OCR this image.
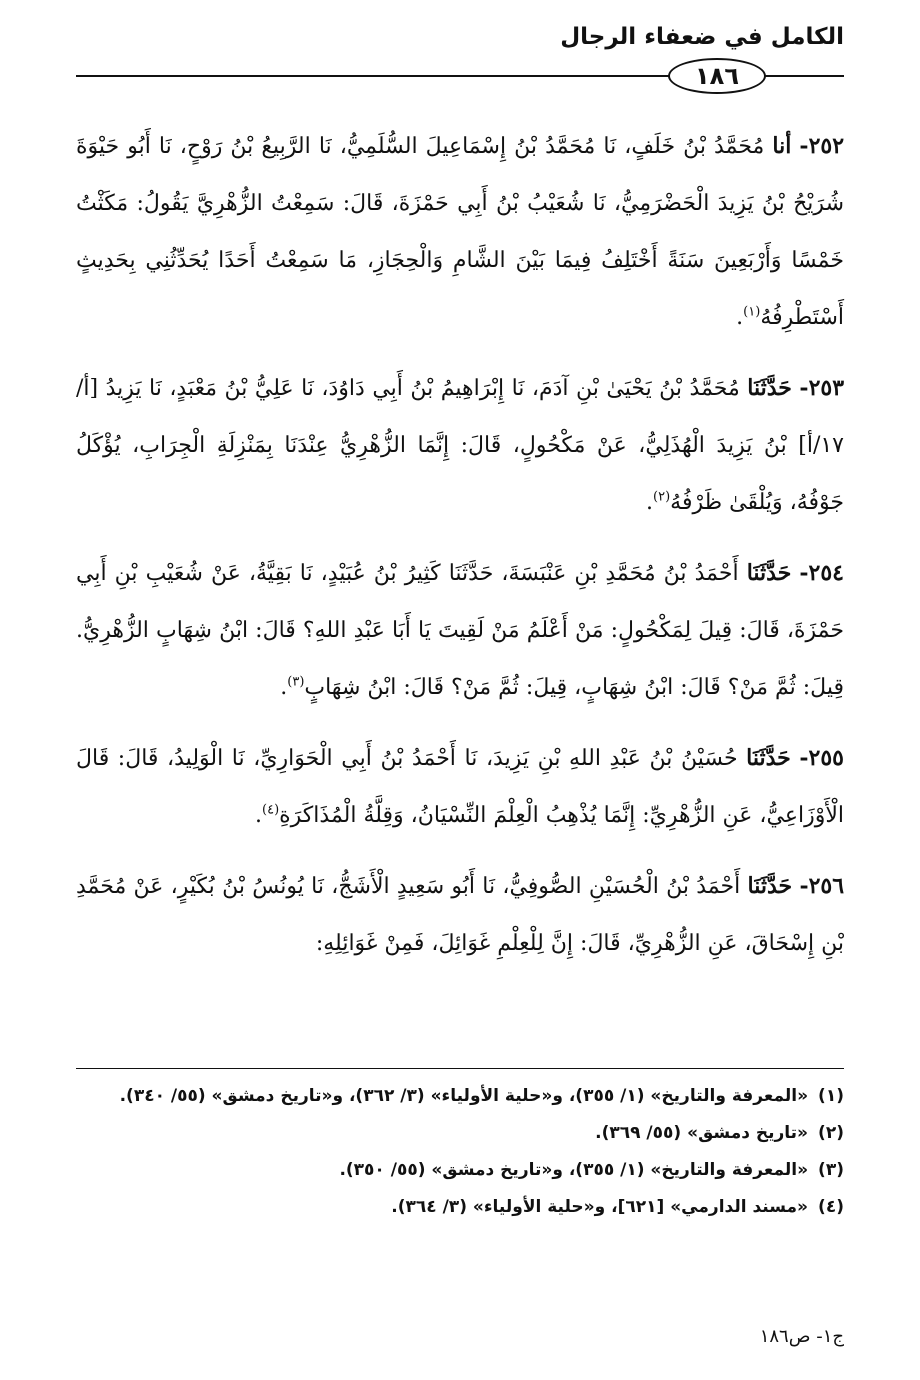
الكامل في ضعفاء الرجال
١٨٦

٢٥٢- أنا مُحَمَّدُ بْنُ خَلَفٍ، نَا مُحَمَّدُ بْنُ إِسْمَاعِيلَ السُّلَمِيُّ، نَا الرَّبِيعُ بْنُ رَوْحٍ، نَا أَبُو حَيْوَةَ شُرَيْحُ بْنُ يَزِيدَ الْحَضْرَمِيُّ، نَا شُعَيْبُ بْنُ أَبِي حَمْزَةَ، قَالَ: سَمِعْتُ الزُّهْرِيَّ يَقُولُ: مَكَثْتُ خَمْسًا وَأَرْبَعِينَ سَنَةً أَخْتَلِفُ فِيمَا بَيْنَ الشَّامِ وَالْحِجَازِ، مَا سَمِعْتُ أَحَدًا يُحَدِّثُنِي بِحَدِيثٍ أَسْتَطْرِفُهُ$^{(١)}$.

٢٥٣- حَدَّثَنَا مُحَمَّدُ بْنُ يَحْيَىٰ بْنِ آدَمَ، نَا إِبْرَاهِيمُ بْنُ أَبِي دَاوُدَ، نَا عَلِيُّ بْنُ مَعْبَدٍ، نَا يَزِيدُ [أ/١٧/أ] بْنُ يَزِيدَ الْهُذَلِيُّ، عَنْ مَكْحُولٍ، قَالَ: إِنَّمَا الزُّهْرِيُّ عِنْدَنَا بِمَنْزِلَةِ الْجِرَابِ، يُؤْكَلُ جَوْفُهُ، وَيُلْقَىٰ ظَرْفُهُ$^{(٢)}$.

٢٥٤- حَدَّثَنَا أَحْمَدُ بْنُ مُحَمَّدِ بْنِ عَنْبَسَةَ، حَدَّثَنَا كَثِيرُ بْنُ عُبَيْدٍ، نَا بَقِيَّةُ، عَنْ شُعَيْبِ بْنِ أَبِي حَمْزَةَ، قَالَ: قِيلَ لِمَكْحُولٍ: مَنْ أَعْلَمُ مَنْ لَقِيتَ يَا أَبَا عَبْدِ اللهِ؟ قَالَ: ابْنُ شِهَابٍ الزُّهْرِيُّ. قِيلَ: ثُمَّ مَنْ؟ قَالَ: ابْنُ شِهَابٍ، قِيلَ: ثُمَّ مَنْ؟ قَالَ: ابْنُ شِهَابٍ$^{(٣)}$.

٢٥٥- حَدَّثَنَا حُسَيْنُ بْنُ عَبْدِ اللهِ بْنِ يَزِيدَ، نَا أَحْمَدُ بْنُ أَبِي الْحَوَارِيِّ، نَا الْوَلِيدُ، قَالَ: قَالَ الْأَوْزَاعِيُّ، عَنِ الزُّهْرِيِّ: إِنَّمَا يُذْهِبُ الْعِلْمَ النِّسْيَانُ، وَقِلَّةُ الْمُذَاكَرَةِ$^{(٤)}$.

٢٥٦- حَدَّثَنَا أَحْمَدُ بْنُ الْحُسَيْنِ الصُّوفِيُّ، نَا أَبُو سَعِيدٍ الْأَشَجُّ، نَا يُونُسُ بْنُ بُكَيْرٍ، عَنْ مُحَمَّدِ بْنِ إِسْحَاقَ، عَنِ الزُّهْرِيِّ، قَالَ: إِنَّ لِلْعِلْمِ غَوَائِلَ، فَمِنْ غَوَائِلِهِ:

(١)«المعرفة والتاريخ» (١/ ٣٥٥)، و«حلية الأولياء» (٣/ ٣٦٢)، و«تاريخ دمشق» (٥٥/ ٣٤٠).
(٢)«تاريخ دمشق» (٥٥/ ٣٦٩).
(٣)«المعرفة والتاريخ» (١/ ٣٥٥)، و«تاريخ دمشق» (٥٥/ ٣٥٠).
(٤)«مسند الدارمي» [٦٢١]، و«حلية الأولياء» (٣/ ٣٦٤).
ج١- ص١٨٦
